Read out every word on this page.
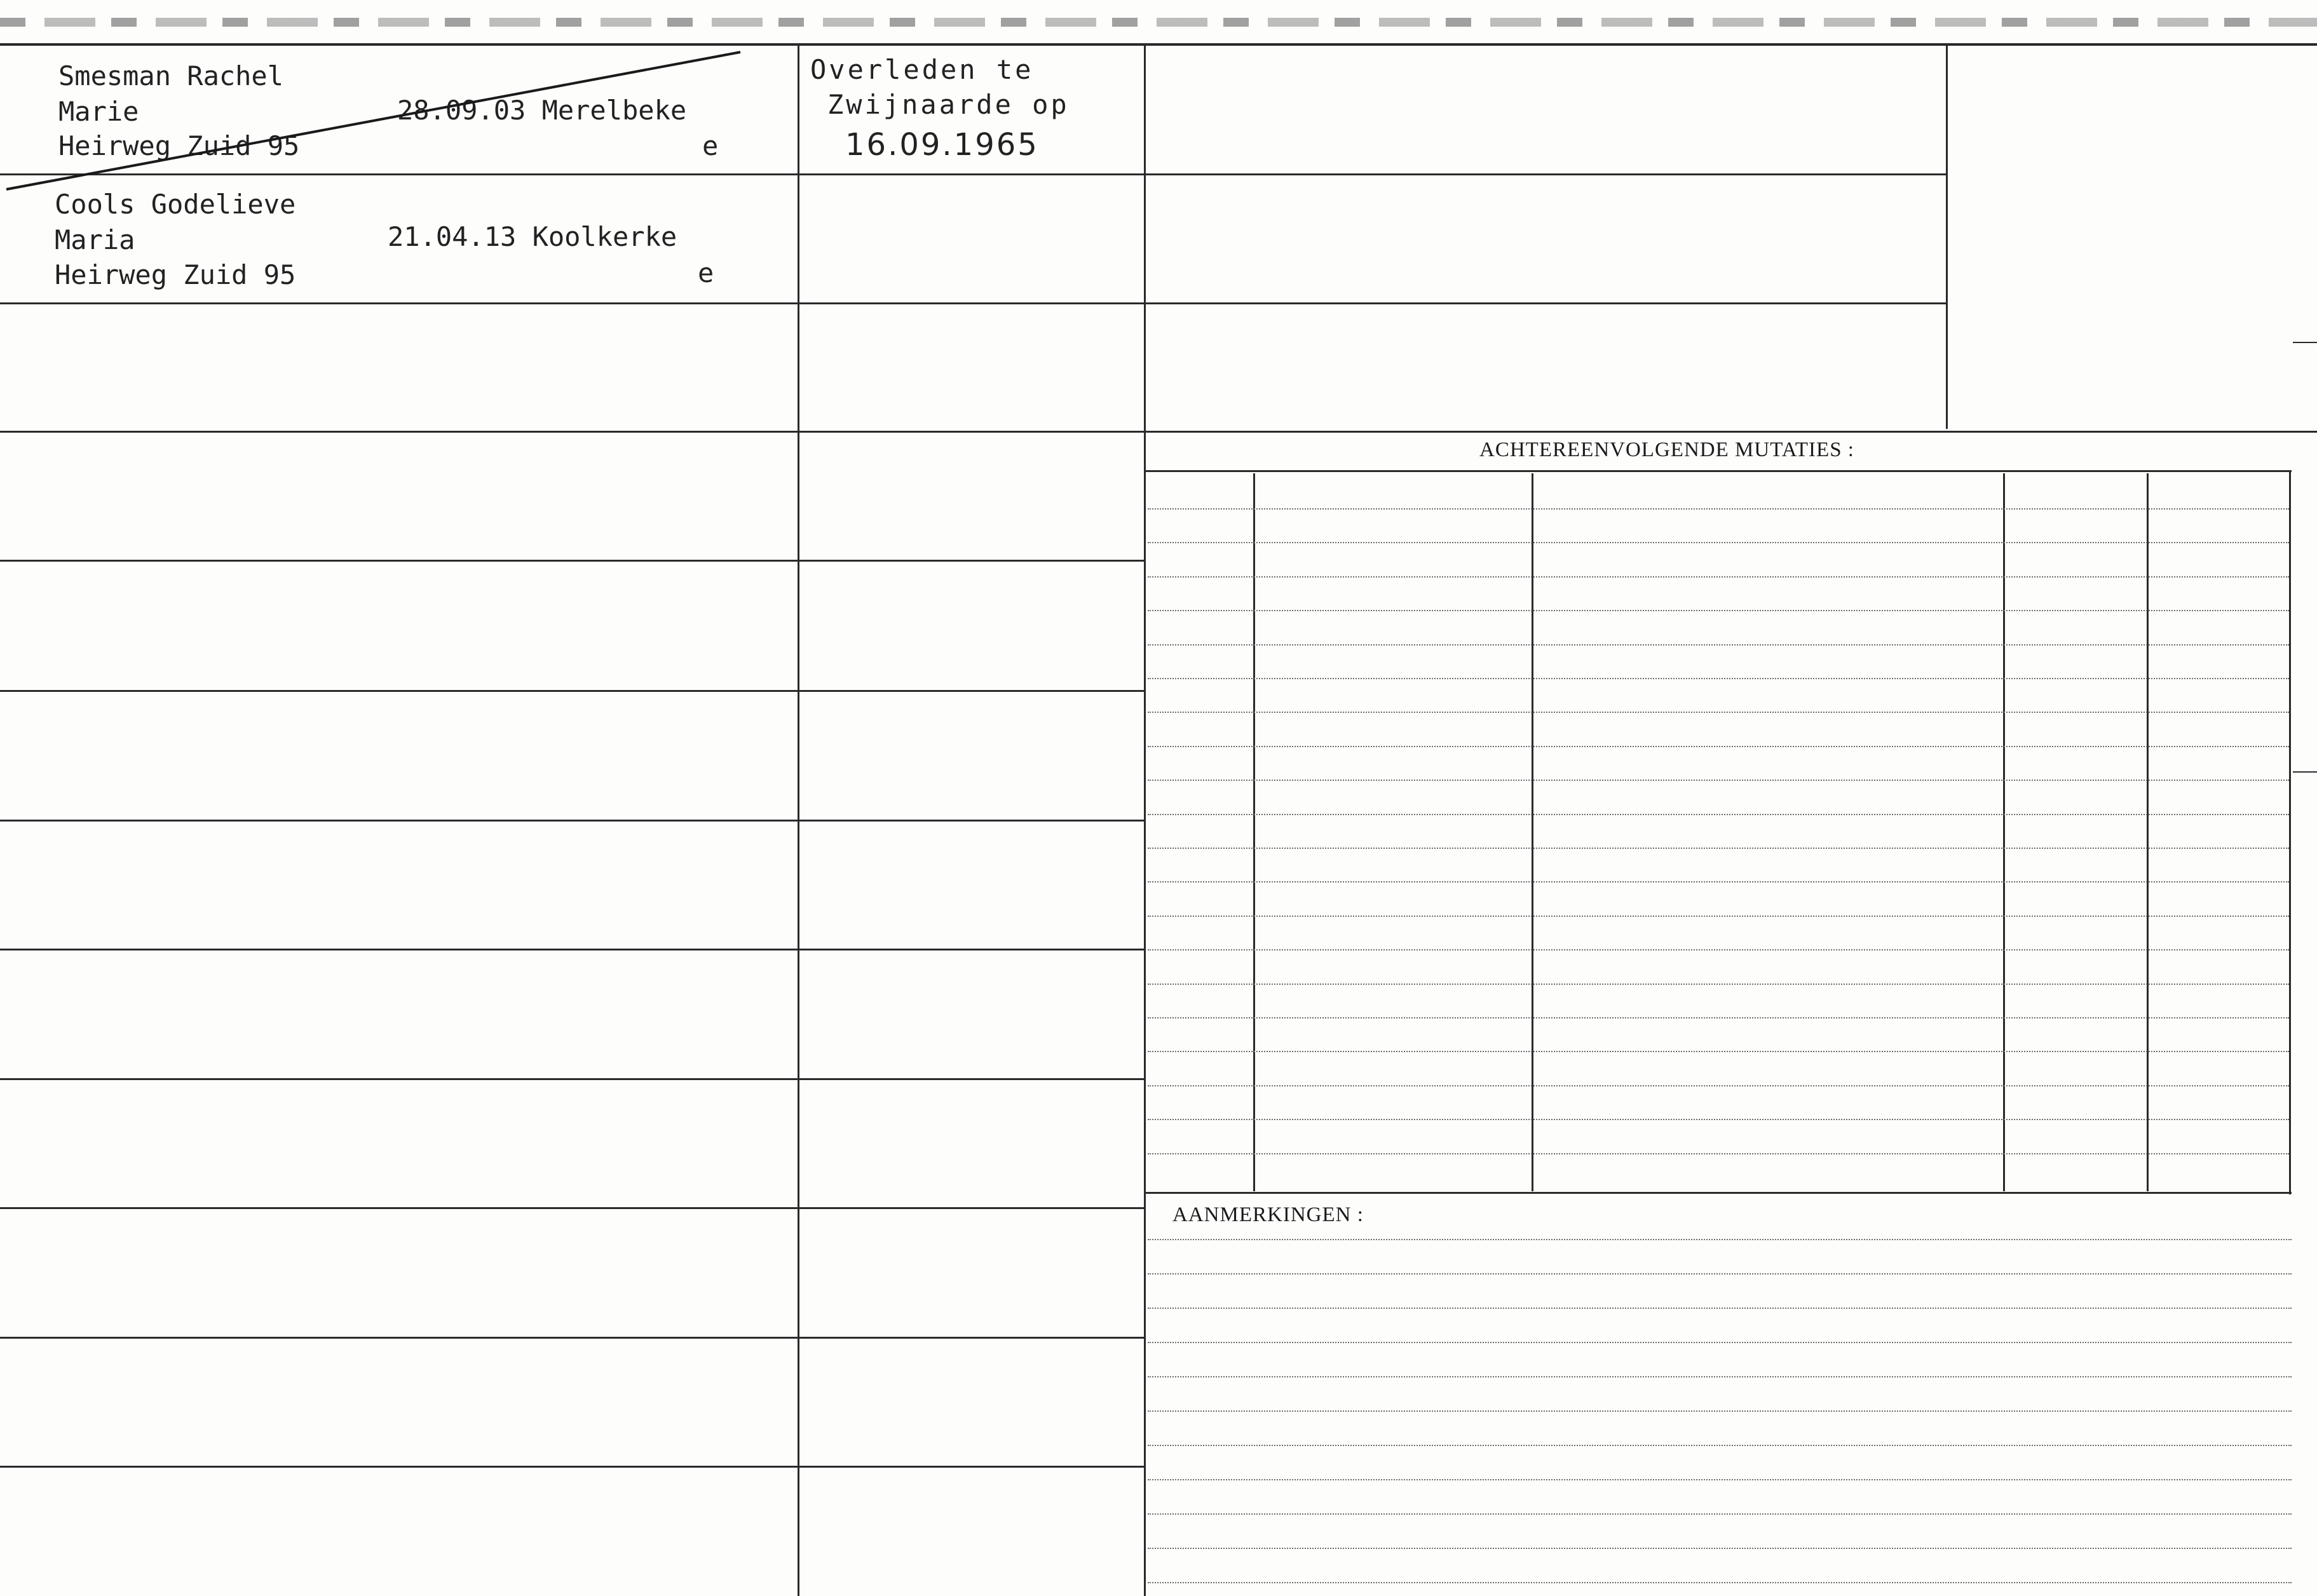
Smesman Rachel
Marie
Heirweg Zuid 95
28.09.03 Merelbeke
e
Overleden te
Zwijnaarde op
16.09.1965
Cools Godelieve
Maria
Heirweg Zuid 95
21.04.13 Koolkerke
e
ACHTEREENVOLGENDE MUTATIES :
AANMERKINGEN :
